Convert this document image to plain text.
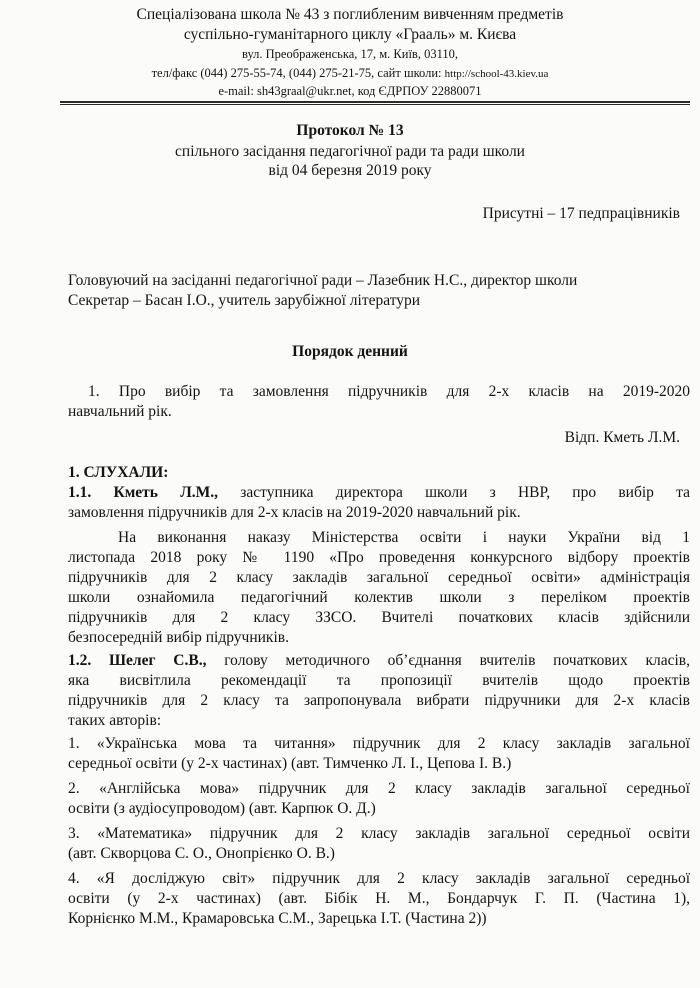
Спеціалізована школа № 43 з поглибленим вивченням предметів
суспільно-гуманітарного циклу «Грааль» м. Києва
вул. Преображенська, 17, м. Київ, 03110,
тел/факс (044) 275-55-74, (044) 275-21-75, сайт школи: http://school-43.kiev.ua
e-mail: sh43graal@ukr.net, код ЄДРПОУ 22880071
Протокол № 13
спільного засідання педагогічної ради та ради школи
від 04 березня 2019 року
Присутні – 17 педпрацівників
Головуючий на засіданні педагогічної ради – Лазебник Н.С., директор школи
Секретар – Басан І.О., учитель зарубіжної літератури
Порядок денний
1. Про вибір та замовлення підручників для 2-х класів на 2019-2020
навчальний рік.
Відп. Кметь Л.М.
1. СЛУХАЛИ:
1.1. Кметь Л.М., заступника директора школи з НВР, про вибір та
замовлення підручників для 2-х класів на 2019-2020 навчальний рік.
На виконання наказу Міністерства освіти і науки України від 1
листопада 2018 року № 1190 «Про проведення конкурсного відбору проектів
підручників для 2 класу закладів загальної середньої освіти» адміністрація
школи ознайомила педагогічний колектив школи з переліком проектів
підручників для 2 класу ЗЗСО. Вчителі початкових класів здійснили
безпосередній вибір підручників.
1.2. Шелег С.В., голову методичного об’єднання вчителів початкових класів,
яка висвітлила рекомендації та пропозиції вчителів щодо проектів
підручників для 2 класу та запропонувала вибрати підручники для 2-х класів
таких авторів:
1. «Українська мова та читання» підручник для 2 класу закладів загальної
середньої освіти (у 2-х частинах) (авт. Тимченко Л. І., Цепова І. В.)
2. «Англійська мова» підручник для 2 класу закладів загальної середньої
освіти (з аудіосупроводом) (авт. Карпюк О. Д.)
3. «Математика» підручник для 2 класу закладів загальної середньої освіти
(авт. Скворцова С. О., Онопрієнко О. В.)
4. «Я досліджую світ» підручник для 2 класу закладів загальної середньої
освіти (у 2-х частинах) (авт. Бібік Н. М., Бондарчук Г. П. (Частина 1),
Корнієнко М.М., Крамаровська С.М., Зарецька І.Т. (Частина 2))
